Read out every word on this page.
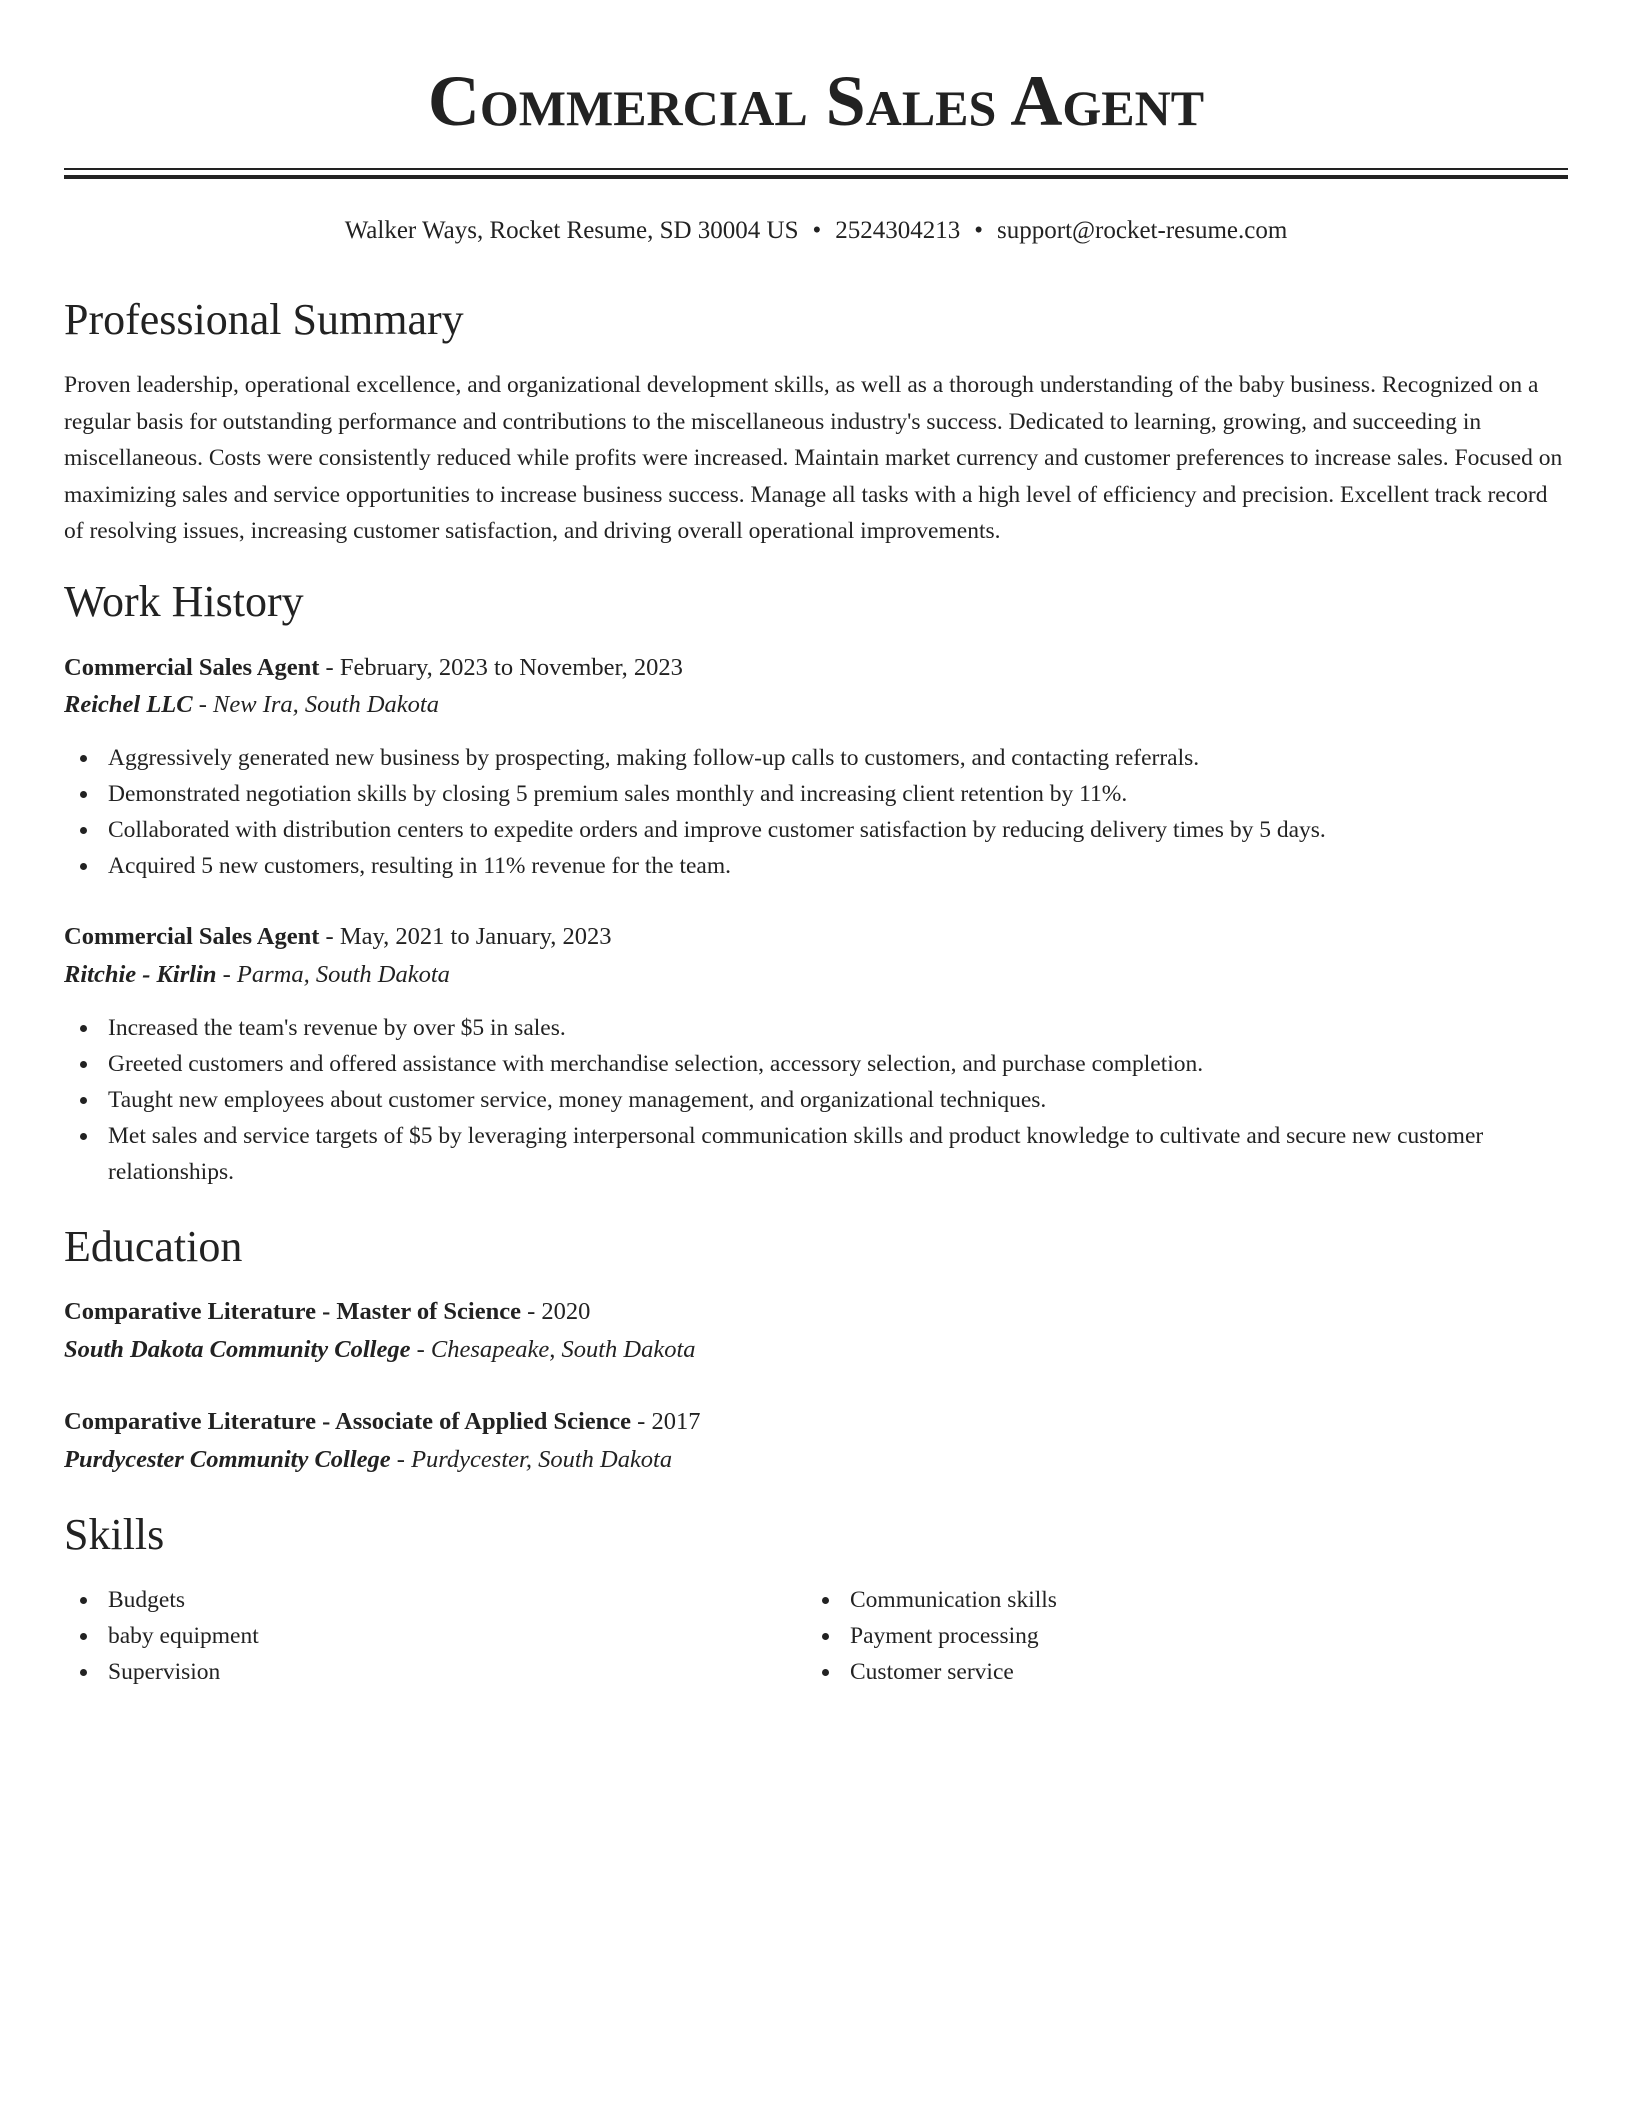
Commercial Sales Agent
Walker Ways, Rocket Resume, SD 30004 US • 2524304213 • support@rocket-resume.com
Professional Summary

Proven leadership, operational excellence, and organizational development skills, as well as a thorough understanding of the baby business. Recognized on a regular basis for outstanding performance and contributions to the miscellaneous industry's success. Dedicated to learning, growing, and succeeding in miscellaneous. Costs were consistently reduced while profits were increased. Maintain market currency and customer preferences to increase sales. Focused on maximizing sales and service opportunities to increase business success. Manage all tasks with a high level of efficiency and precision. Excellent track record of resolving issues, increasing customer satisfaction, and driving overall operational improvements.

Work History
Commercial Sales Agent - February, 2023 to November, 2023
Reichel LLC - New Ira, South Dakota
Aggressively generated new business by prospecting, making follow-up calls to customers, and contacting referrals.
Demonstrated negotiation skills by closing 5 premium sales monthly and increasing client retention by 11%.
Collaborated with distribution centers to expedite orders and improve customer satisfaction by reducing delivery times by 5 days.
Acquired 5 new customers, resulting in 11% revenue for the team.
Commercial Sales Agent - May, 2021 to January, 2023
Ritchie - Kirlin - Parma, South Dakota
Increased the team's revenue by over $5 in sales.
Greeted customers and offered assistance with merchandise selection, accessory selection, and purchase completion.
Taught new employees about customer service, money management, and organizational techniques.
Met sales and service targets of $5 by leveraging interpersonal communication skills and product knowledge to cultivate and secure new customer relationships.
Education
Comparative Literature - Master of Science - 2020
South Dakota Community College - Chesapeake, South Dakota
Comparative Literature - Associate of Applied Science - 2017
Purdycester Community College - Purdycester, South Dakota
Skills
Budgets
baby equipment
Supervision
Communication skills
Payment processing
Customer service
